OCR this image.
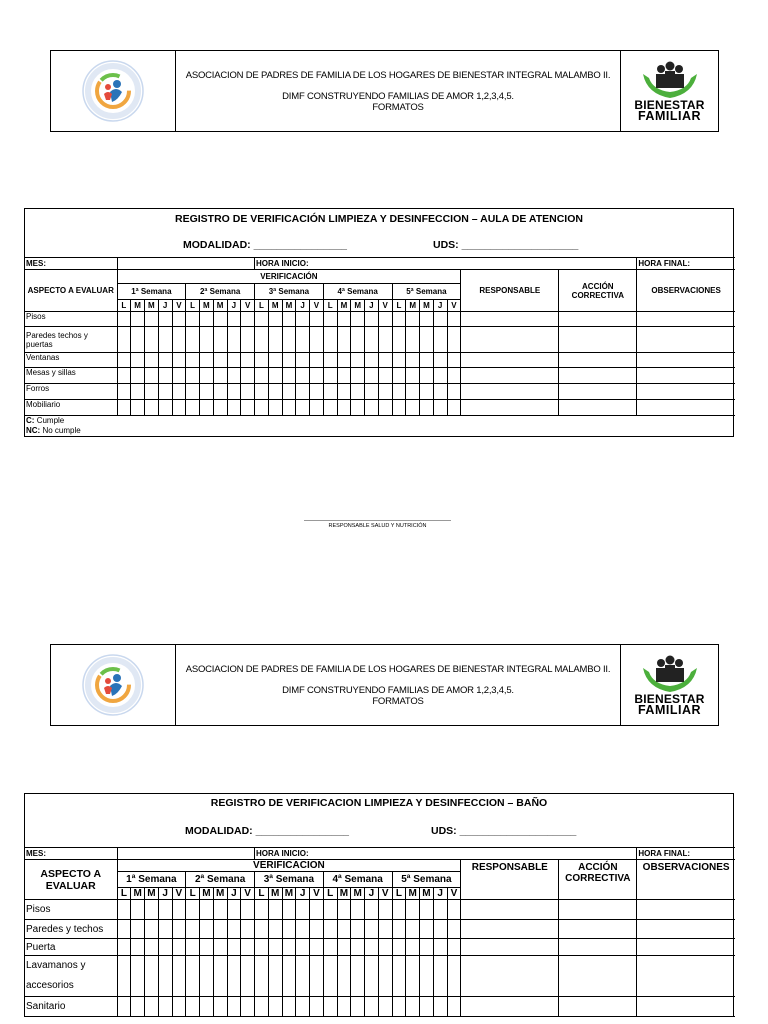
ASOCIACION DE PADRES DE FAMILIA DE LOS HOGARES DE BIENESTAR INTEGRAL MALAMBO II.
DIMF CONSTRUYENDO FAMILIAS DE AMOR 1,2,3,4,5.
FORMATOS	BIENESTAR
FAMILIAR
REGISTRO DE VERIFICACIÓN LIMPIEZA Y DESINFECCION – AULA DE ATENCION
MODALIDAD: ________________	UDS: ____________________
MES:											HORA INICIO:																	HORA FINAL:
ASPECTO A EVALUAR	VERIFICACIÓN																									RESPONSABLE	ACCIÓN CORRECTIVA	OBSERVACIONES
	1ª Semana					2ª Semana					3ª Semana					4ª Semana					5ª Semana							
	L	M	M	J	V	L	M	M	J	V	L	M	M	J	V	L	M	M	J	V	L	M	M	J	V			
Pisos																												
Paredes techos y puertas																												
Ventanas																												
Mesas y sillas																												
Forros																												
Mobiliario																												

C: Cumple
NC: No cumple																												
RESPONSABLE SALUD Y NUTRICIÓN
ASOCIACION DE PADRES DE FAMILIA DE LOS HOGARES DE BIENESTAR INTEGRAL MALAMBO II.
DIMF CONSTRUYENDO FAMILIAS DE AMOR 1,2,3,4,5.
FORMATOS	BIENESTAR
FAMILIAR
REGISTRO DE VERIFICACION LIMPIEZA Y DESINFECCION – BAÑO
MODALIDAD: ________________	UDS: ____________________
MES:											HORA INICIO:																	HORA FINAL:
ASPECTO A EVALUAR	VERIFICACION																									RESPONSABLE	ACCIÓN CORRECTIVA	OBSERVACIONES
	1ª Semana					2ª Semana					3ª Semana					4ª Semana					5ª Semana							
	L	M	M	J	V	L	M	M	J	V	L	M	M	J	V	L	M	M	J	V	L	M	M	J	V			
Pisos																												
Paredes y techos																												
Puerta																												

Lavamanos y
accesorios																												

Sanitario																												
